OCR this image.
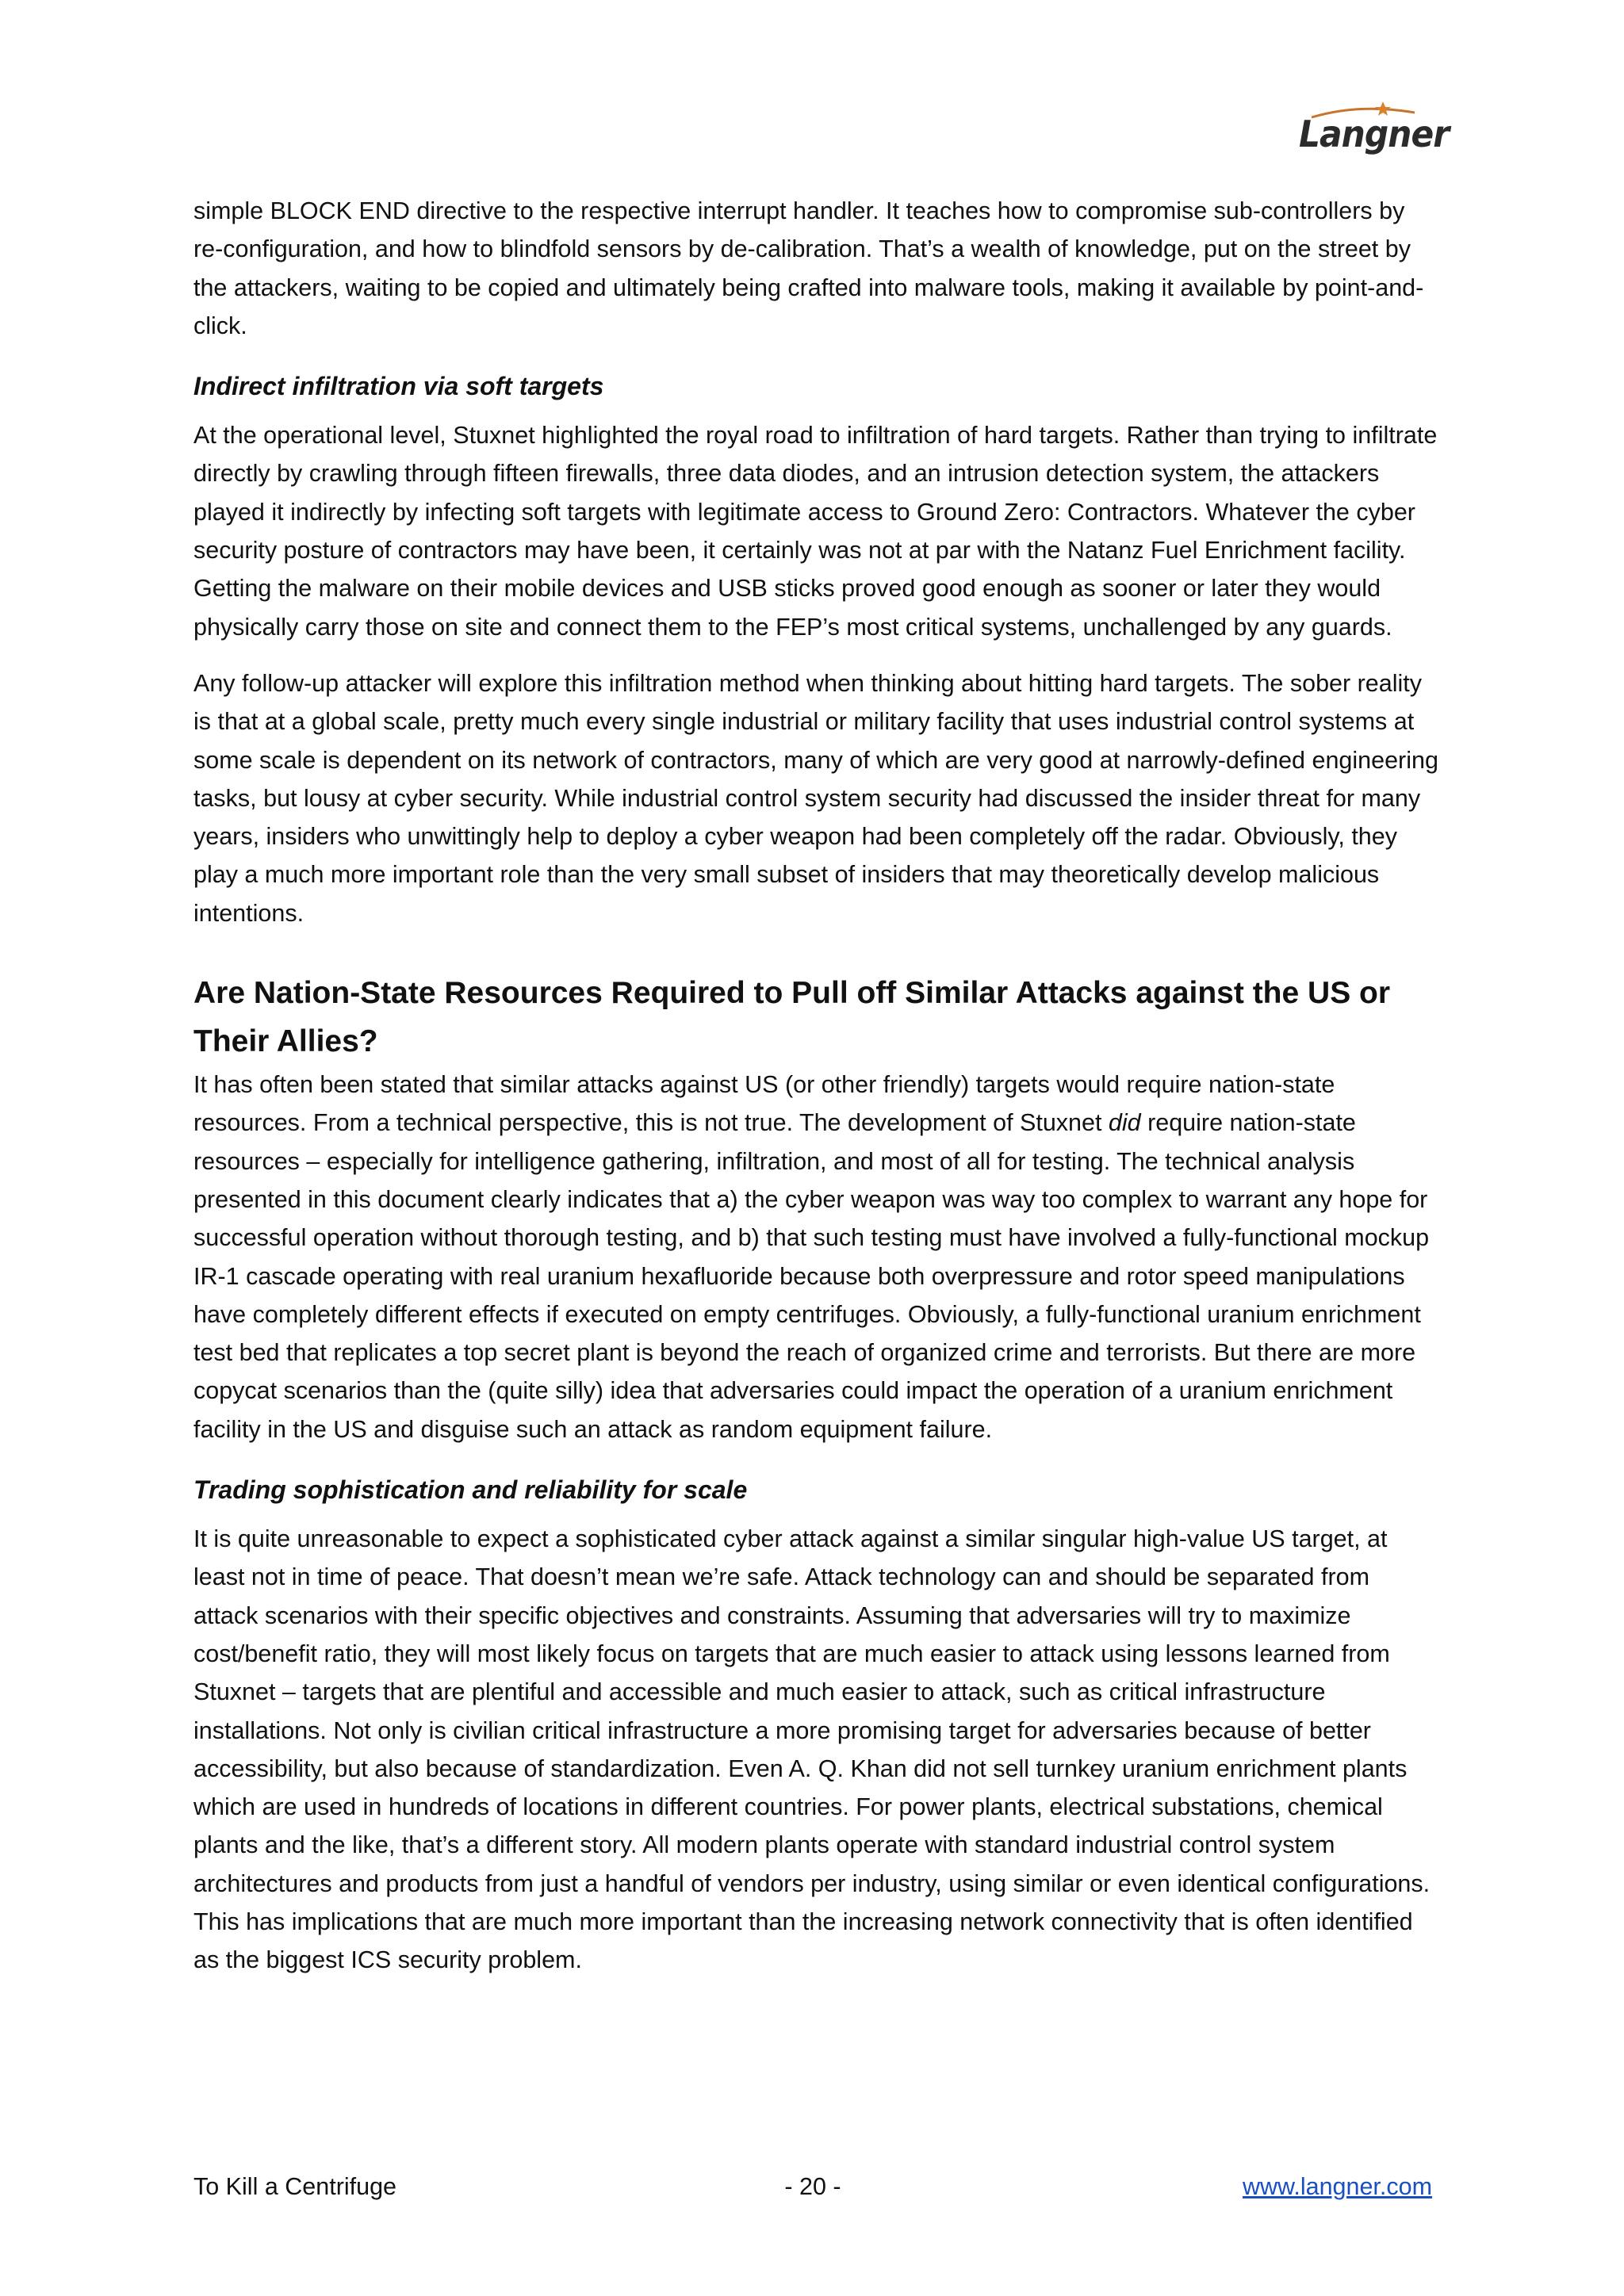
Langner

simple BLOCK END directive to the respective interrupt handler. It teaches how to compromise sub-controllers by re-configuration, and how to blindfold sensors by de-calibration. That’s a wealth of knowledge, put on the street by the attackers, waiting to be copied and ultimately being crafted into malware tools, making it available by point-and-click.

Indirect infiltration via soft targets

At the operational level, Stuxnet highlighted the royal road to infiltration of hard targets. Rather than trying to infiltrate directly by crawling through fifteen firewalls, three data diodes, and an intrusion detection system, the attackers played it indirectly by infecting soft targets with legitimate access to Ground Zero: Contractors. Whatever the cyber security posture of contractors may have been, it certainly was not at par with the Natanz Fuel Enrichment facility. Getting the malware on their mobile devices and USB sticks proved good enough as sooner or later they would physically carry those on site and connect them to the FEP’s most critical systems, unchallenged by any guards.

Any follow-up attacker will explore this infiltration method when thinking about hitting hard targets. The sober reality is that at a global scale, pretty much every single industrial or military facility that uses industrial control systems at some scale is dependent on its network of contractors, many of which are very good at narrowly-defined engineering tasks, but lousy at cyber security. While industrial control system security had discussed the insider threat for many years, insiders who unwittingly help to deploy a cyber weapon had been completely off the radar. Obviously, they play a much more important role than the very small subset of insiders that may theoretically develop malicious intentions.

Are Nation-State Resources Required to Pull off Similar Attacks against the US or Their Allies?

It has often been stated that similar attacks against US (or other friendly) targets would require nation-state resources. From a technical perspective, this is not true. The development of Stuxnet did require nation-state resources – especially for intelligence gathering, infiltration, and most of all for testing. The technical analysis presented in this document clearly indicates that a) the cyber weapon was way too complex to warrant any hope for successful operation without thorough testing, and b) that such testing must have involved a fully-functional mockup IR-1 cascade operating with real uranium hexafluoride because both overpressure and rotor speed manipulations have completely different effects if executed on empty centrifuges. Obviously, a fully-functional uranium enrichment test bed that replicates a top secret plant is beyond the reach of organized crime and terrorists. But there are more copycat scenarios than the (quite silly) idea that adversaries could impact the operation of a uranium enrichment facility in the US and disguise such an attack as random equipment failure.

Trading sophistication and reliability for scale

It is quite unreasonable to expect a sophisticated cyber attack against a similar singular high-value US target, at least not in time of peace. That doesn’t mean we’re safe. Attack technology can and should be separated from attack scenarios with their specific objectives and constraints. Assuming that adversaries will try to maximize cost/benefit ratio, they will most likely focus on targets that are much easier to attack using lessons learned from Stuxnet – targets that are plentiful and accessible and much easier to attack, such as critical infrastructure installations. Not only is civilian critical infrastructure a more promising target for adversaries because of better accessibility, but also because of standardization. Even A. Q. Khan did not sell turnkey uranium enrichment plants which are used in hundreds of locations in different countries. For power plants, electrical substations, chemical plants and the like, that’s a different story. All modern plants operate with standard industrial control system architectures and products from just a handful of vendors per industry, using similar or even identical configurations. This has implications that are much more important than the increasing network connectivity that is often identified as the biggest ICS security problem.

To Kill a Centrifuge	- 20 -	www.langner.com
